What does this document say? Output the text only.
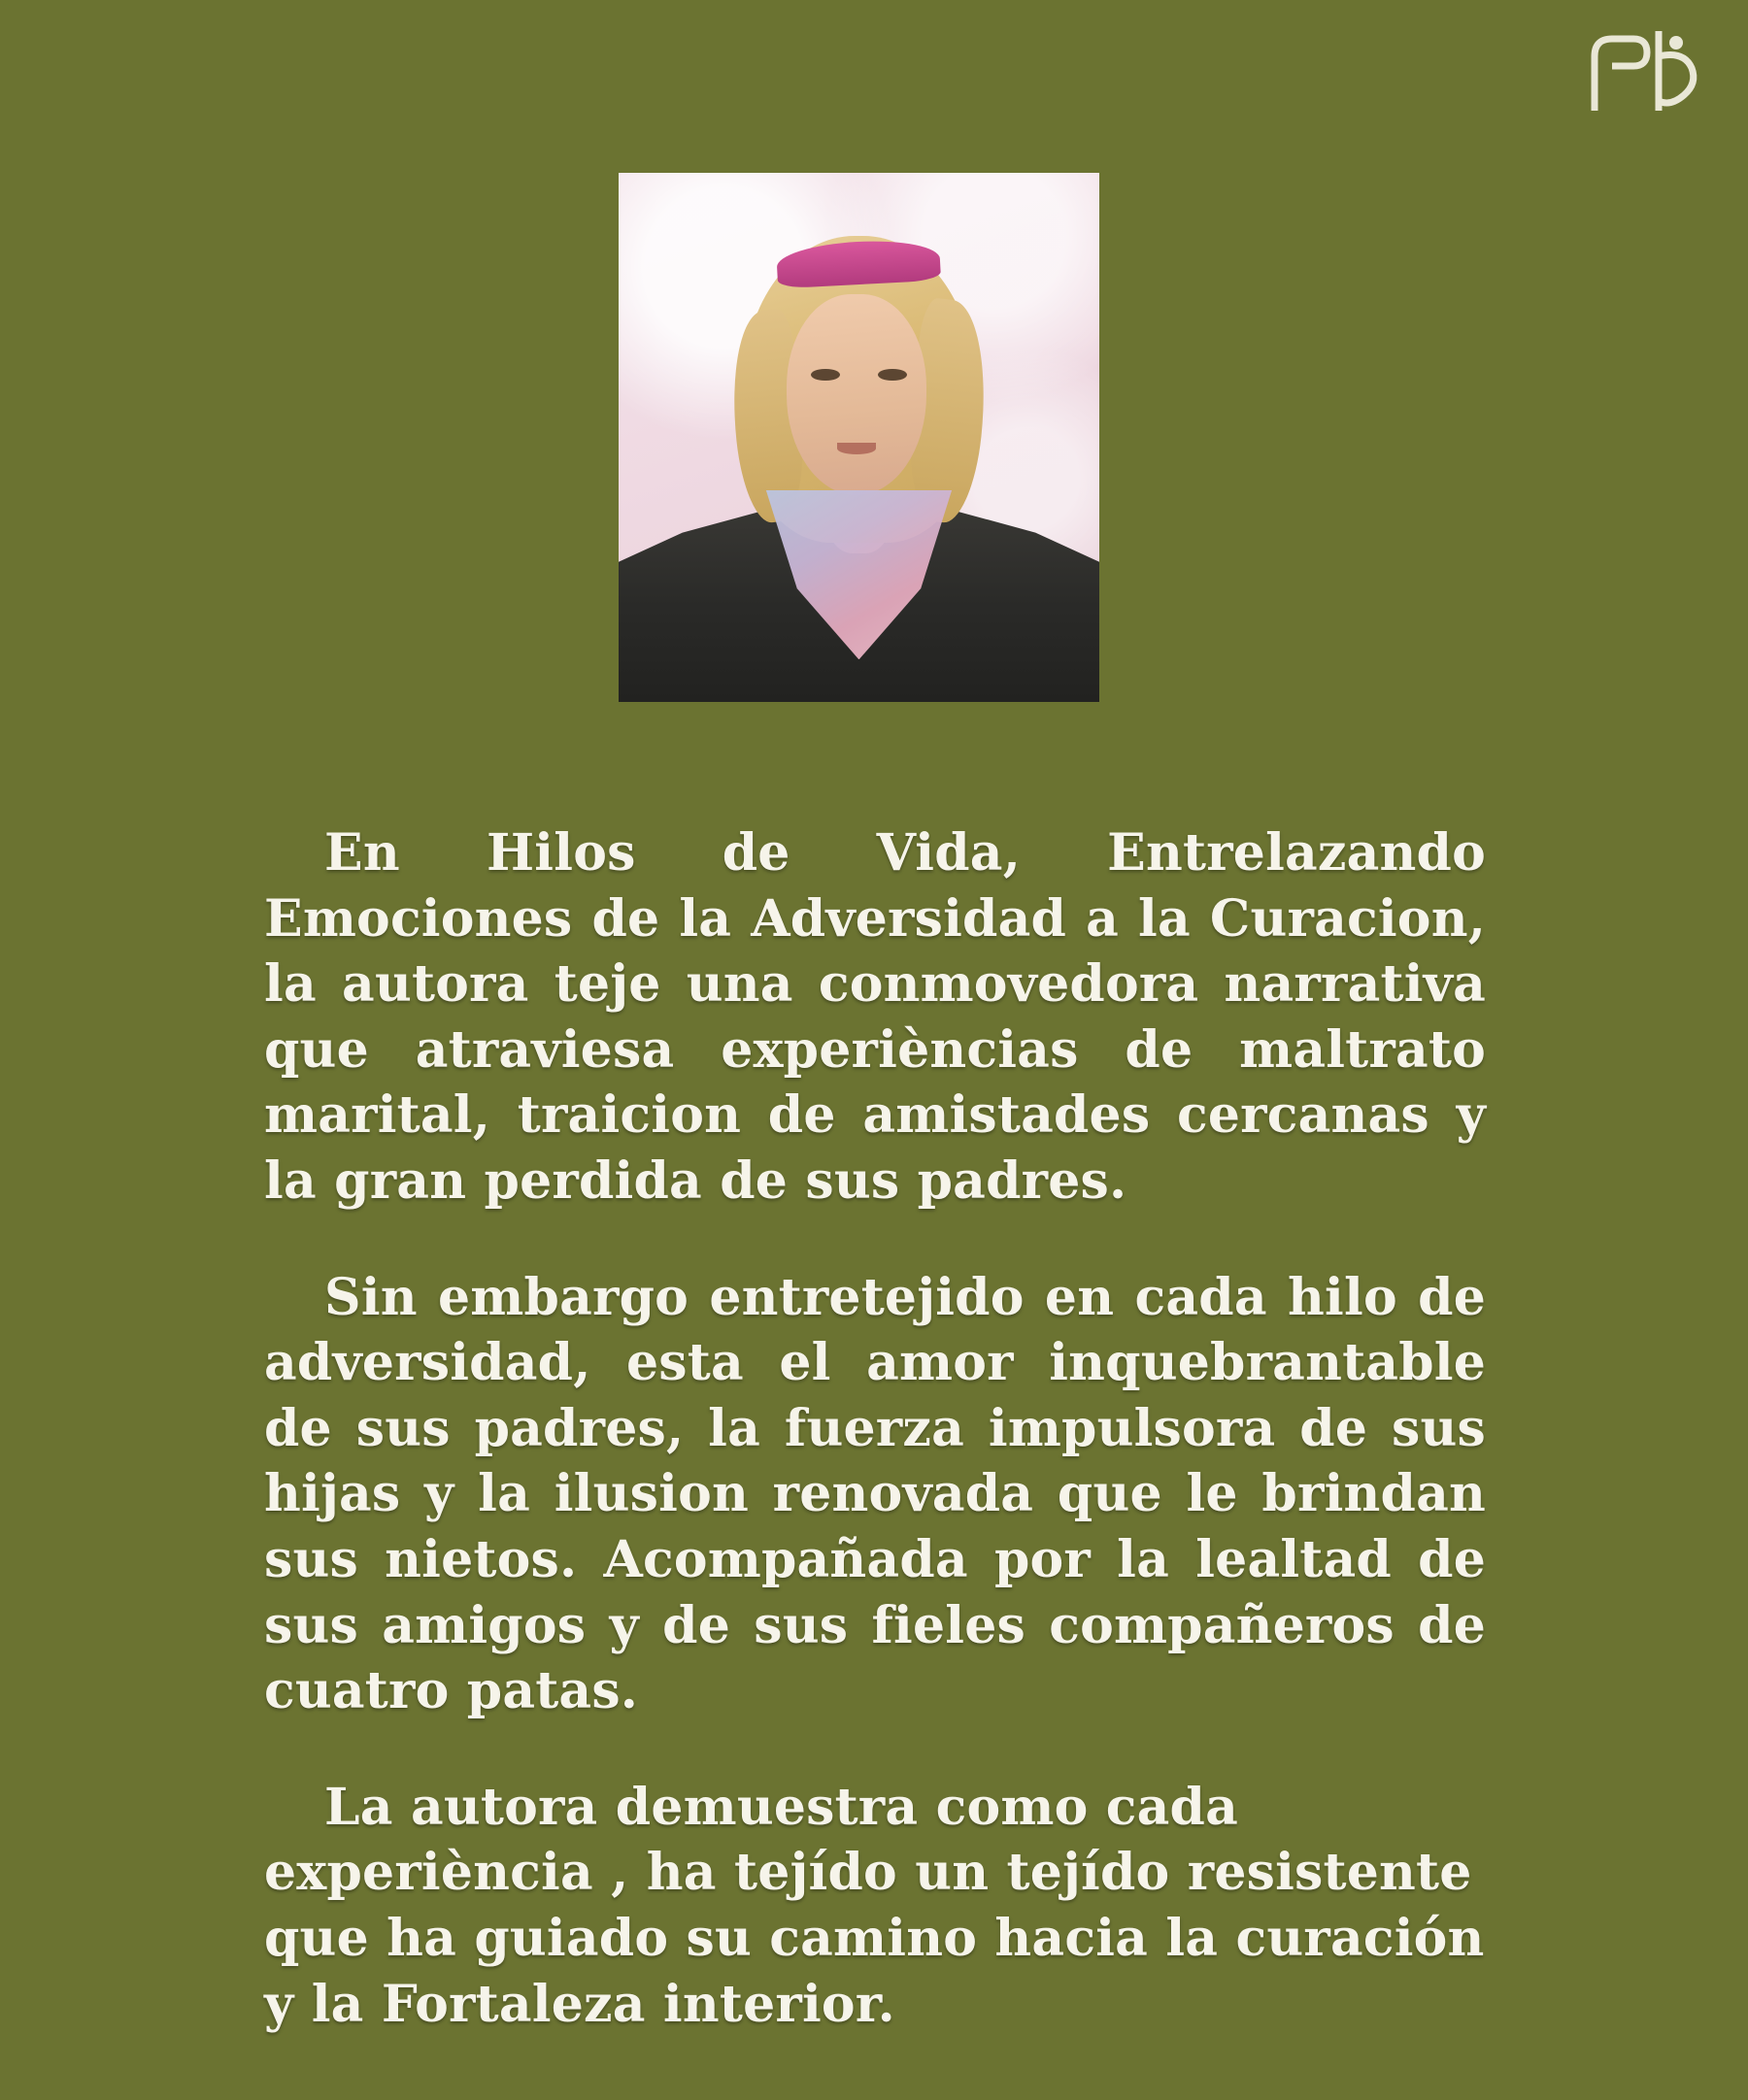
En Hilos de Vida, Entrelazando Emociones de la Adversidad a la Curacion, la autora teje una conmovedora narrativa que atraviesa experièncias de maltrato marital, traicion de amistades cercanas y la gran perdida de sus padres.

Sin embargo entretejido en cada hilo de adversidad, esta el amor inquebrantable de sus padres, la fuerza impulsora de sus hijas y la ilusion renovada que le brindan sus nietos. Acompañada por la lealtad de sus amigos y de sus fieles compañeros de cuatro patas.

La autora demuestra como cada experiència , ha tejído un tejído resistente que ha guiado su camino hacia la curación y la Fortaleza interior.
